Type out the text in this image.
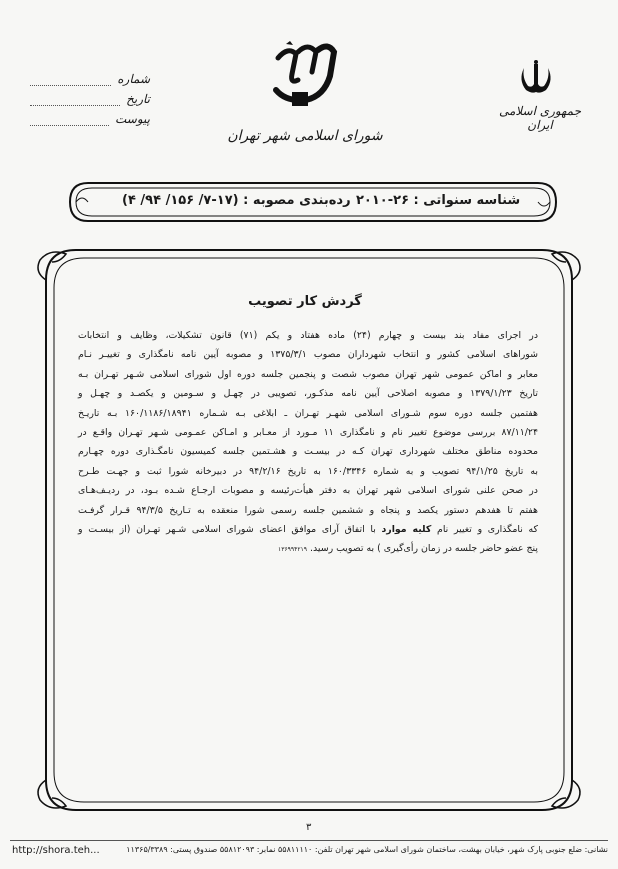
شماره
تاریخ
پیوست
شورای اسلامی شهر تهران
جمهوری اسلامی ایران
رده‌بندی مصوبه : (۱۷-۷/ ۱۵۶/ ۹۴/ ۴) شناسه سنواتی : ۲۶-۲۰۱۰
گردش کار تصویب
در اجرای مفاد بند بیست و چهارم (۲۴) ماده هفتاد و یکم (۷۱) قانون تشکیلات، وظایف و انتخابات
شوراهای اسلامی کشور و انتخاب شهرداران مصوب ۱۳۷۵/۳/۱ و مصوبه آیین نامه نامگذاری و تغییـر نـام
معابر و اماکن عمومی شهر تهران مصوب شصت و پنجمین جلسه دوره اول شورای اسلامی شـهر تهـران بـه
تاریخ ۱۳۷۹/۱/۲۳ و مصوبه اصلاحی آیین نامه مذکـور، تصویبی در چهـل و سـومین و یکصـد و چهـل و
هفتمین جلسه دوره سوم شـورای اسلامی شهـر تهـران ـ ابلاغی بـه شـماره ۱۶۰/۱۱۸۶/۱۸۹۴۱ بـه تاریـخ
۸۷/۱۱/۲۴ بررسی موضوع تغییر نام و نامگذاری ۱۱ مـورد از معـابر و امـاکن عمـومی شـهر تهـران واقـع در
محدوده مناطق مختلف شهرداری تهران کـه در بیسـت و هشـتمین جلسه کمیسیون نامگـذاری دوره چهـارم
به تاریخ ۹۴/۱/۲۵ تصویب و به شماره ۱۶۰/۳۳۴۶ به تاریخ ۹۴/۲/۱۶ در دبیرخانه شورا ثبت و جهـت طـرح
در صحن علنی شورای اسلامی شهر تهران به دفتر هیأت‌رئیسه و مصوبات ارجـاع شـده بـود، در ردیـف‌هـای
هفتم تا هفدهم دستور یکصد و پنجاه و ششمین جلسه رسمی شورا منعقده به تـاریخ ۹۴/۳/۵ قـرار گرفـت
که نامگذاری و تغییر نام کلیه موارد با اتفاق آرای موافق اعضای شورای اسلامی شـهر تهـران (از بیسـت و
پنج عضو حاضر جلسه در زمان رأی‌گیری ) به تصویب رسید. ۱۳۶۹۹۴۲۱۹
۳
http://shora.teh...	نشانی: ضلع جنوبی پارک شهر، خیابان بهشت، ساختمان شورای اسلامی شهر تهران تلفن: ۵۵۸۱۱۱۱۰ نمابر: ۵۵۸۱۲۰۹۳ صندوق پستی: ۱۱۳۶۵/۳۳۸۹
